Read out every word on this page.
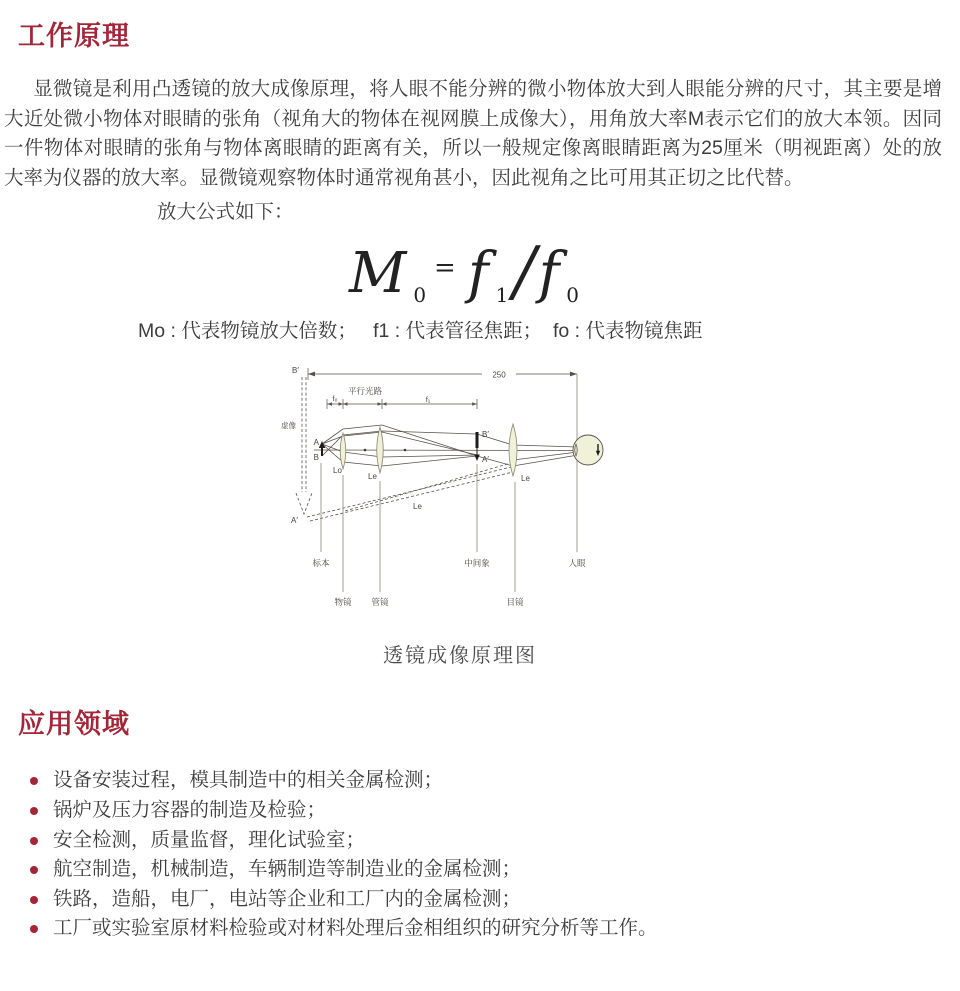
工作原理

显微镜是利用凸透镜的放大成像原理，将人眼不能分辨的微小物体放大到人眼能分辨的尺寸，其主要是增大近处微小物体对眼睛的张角（视角大的物体在视网膜上成像大），用角放大率M表示它们的放大本领。因同一件物体对眼睛的张角与物体离眼睛的距离有关，所以一般规定像离眼睛距离为25厘米（明视距离）处的放大率为仪器的放大率。显微镜观察物体时通常视角甚小，因此视角之比可用其正切之比代替。

放大公式如下：

M 0
= f 1 / f 0

Mo : 代表物镜放大倍数；   f1 : 代表管径焦距；  fo : 代表物镜焦距

250
f₀
平行光路
f₁
B′
虚像
A′
Le
A
B
B′
A′
Lo
Le	Le
标本	中间象	人眼
物镜 管镜	目镜
透镜成像原理图
应用领域
设备安装过程，模具制造中的相关金属检测；
锅炉及压力容器的制造及检验；
安全检测，质量监督，理化试验室；
航空制造，机械制造，车辆制造等制造业的金属检测；
铁路，造船，电厂，电站等企业和工厂内的金属检测；
工厂或实验室原材料检验或对材料处理后金相组织的研究分析等工作。
